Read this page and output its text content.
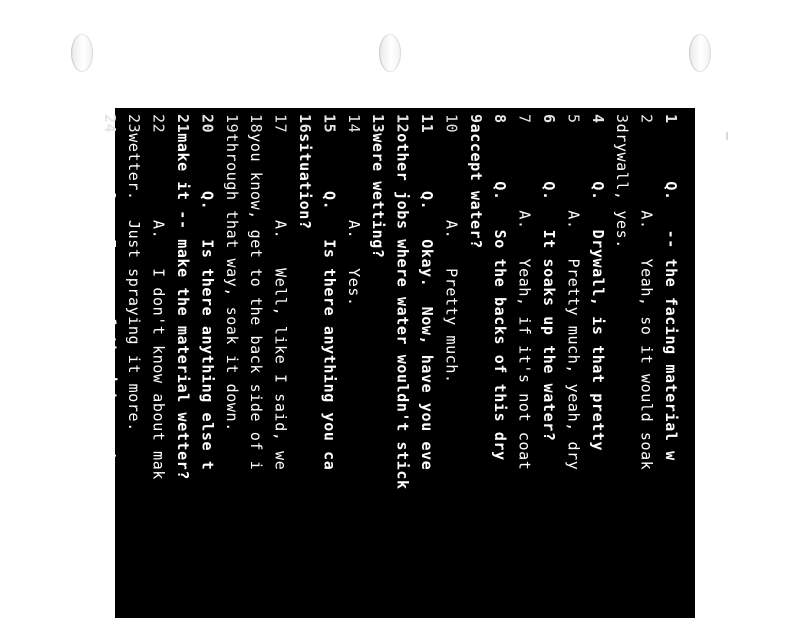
1      Q.   -- the facing material w
2         A.   Yeah, so it would soak
3drywall, yes.
4      Q.   Drywall, is that pretty
5         A.   Pretty much, yeah, dry
6      Q.   It soaks up the water?
7         A.   Yeah, if it's not coat
8      Q.   So the backs of this dry
9accept water?
10         A.   Pretty much.
11      Q.   Okay.  Now, have you eve
12other jobs where water wouldn't stick
13were wetting?
14         A.   Yes.
15      Q.   Is there anything you ca
16situation?
17         A.   Well, like I said, we
18you know, get to the back side of i
19through that way, soak it down.
20      Q.   Is there anything else t
21make it -- make the material wetter?
22         A.   I don't know about mak
23wetter.  Just spraying it more.
24      Q.   In any of the jobs you'v
